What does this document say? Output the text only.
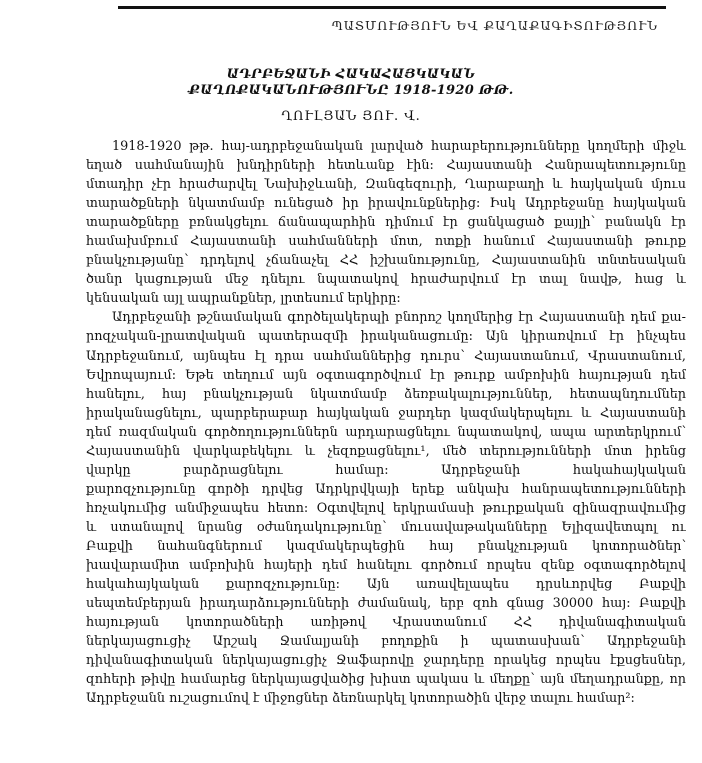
ՊԱՏՄՈՒԹՅՈՒՆ ԵՎ ՔԱՂԱՔԱԳԻՏՈՒԹՅՈՒՆ
ԱԴՐԲԵՋԱՆԻ ՀԱԿԱՀԱՅԿԱԿԱՆ
ՔԱՂՈՔԱԿԱՆՈՒԹՅՈՒՆԸ 1918-1920 ԹԹ.
ՂՈՒԼՅԱՆ ՅՈՒ. Վ.
1918-1920 թթ. հայ-ադրբեջանական լարված հարաբերությունները կողմերի միջև
եղած սահմանային խնդիրների հետևանք էին: Հայաստանի Հանրապետությունը
մտադիր չէր հրաժարվել Նախիջևանի, Զանգեզուրի, Ղարաբաղի և հայկական մյուս
տարածքների նկատմամբ ունեցած իր իրավունքներից: Իսկ Ադրբեջանը հայկական
տարածքները բռնակցելու ճանապարհին դիմում էր ցանկացած քայլի՝ բանակն էր
համախմբում Հայաստանի սահմանների մոտ, ոտքի հանում Հայաստանի թուրք
բնակչությանը՝ դրդելով չճանաչել ՀՀ իշխանությունը, Հայաստանին տնտեսական
ծանր կացության մեջ դնելու նպատակով հրաժարվում էր տալ նավթ, հաց և
կենսական այլ ապրանքներ, լրտեսում երկիրը:
Ադրբեջանի թշնամական գործելակերպի բնորոշ կողմերից էր Հայաստանի դեմ քա-
րոզչական-լրատվական պատերազմի իրականացումը: Այն կիրառվում էր ինչպես
Ադրբեջանում, այնպես էլ դրա սահմաններից դուրս՝ Հայաստանում, Վրաստանում,
Եվրոպայում: Եթե տեղում այն օգտագործվում էր թուրք ամբոխին հայության դեմ
հանելու, հայ բնակչության նկատմամբ ձեռբակալություններ, հետապնդումներ
իրականացնելու, պարբերաբար հայկական ջարդեր կազմակերպելու և Հայաստանի
դեմ ռազմական գործողություններն արդարացնելու նպատակով, ապա արտերկրում՝
Հայաստանին վարկաբեկելու և չեզոքացնելու¹, մեծ տերությունների մոտ իրենց
վարկը բարձրացնելու համար: Ադրբեջանի հակահայկական
քարոզչությունը գործի դրվեց Ադրկրվկայի երեք անկախ հանրապետությունների
հռչակումից անմիջապես հետո: Օգտվելով երկրամասի թուրքական զինազրավումից
և ստանալով նրանց օժանդակությունը՝ մուսավաթականները Ելիզավետպոլ ու
Բաքվի նահանգներում կազմակերպեցին հայ բնակչության կոտորածներ՝
խավարամիտ ամբոխին հայերի դեմ հանելու գործում որպես զենք օգտագործելով
հակահայկական քարոզչությունը: Այն առավելապես դրսևորվեց Բաքվի
սեպտեմբերյան իրադարձությունների ժամանակ, երբ զոհ գնաց 30000 հայ: Բաքվի
հայության կոտորածների առիթով Վրաստանում ՀՀ դիվանագիտական
ներկայացուցիչ Արշակ Ջամալյանի բողոքին ի պատասխան՝ Ադրբեջանի
դիվանագիտական ներկայացուցիչ Ջաֆարովը ջարդերը որակեց որպես էքսցեսներ,
զոհերի թիվը համարեց ներկայացվածից խիստ պակաս և մեղքը՝ այն մեղադրանքը, որ
Ադրբեջանն ուշացումով է միջոցներ ձեռնարկել կոտորածին վերջ տալու համար²:
